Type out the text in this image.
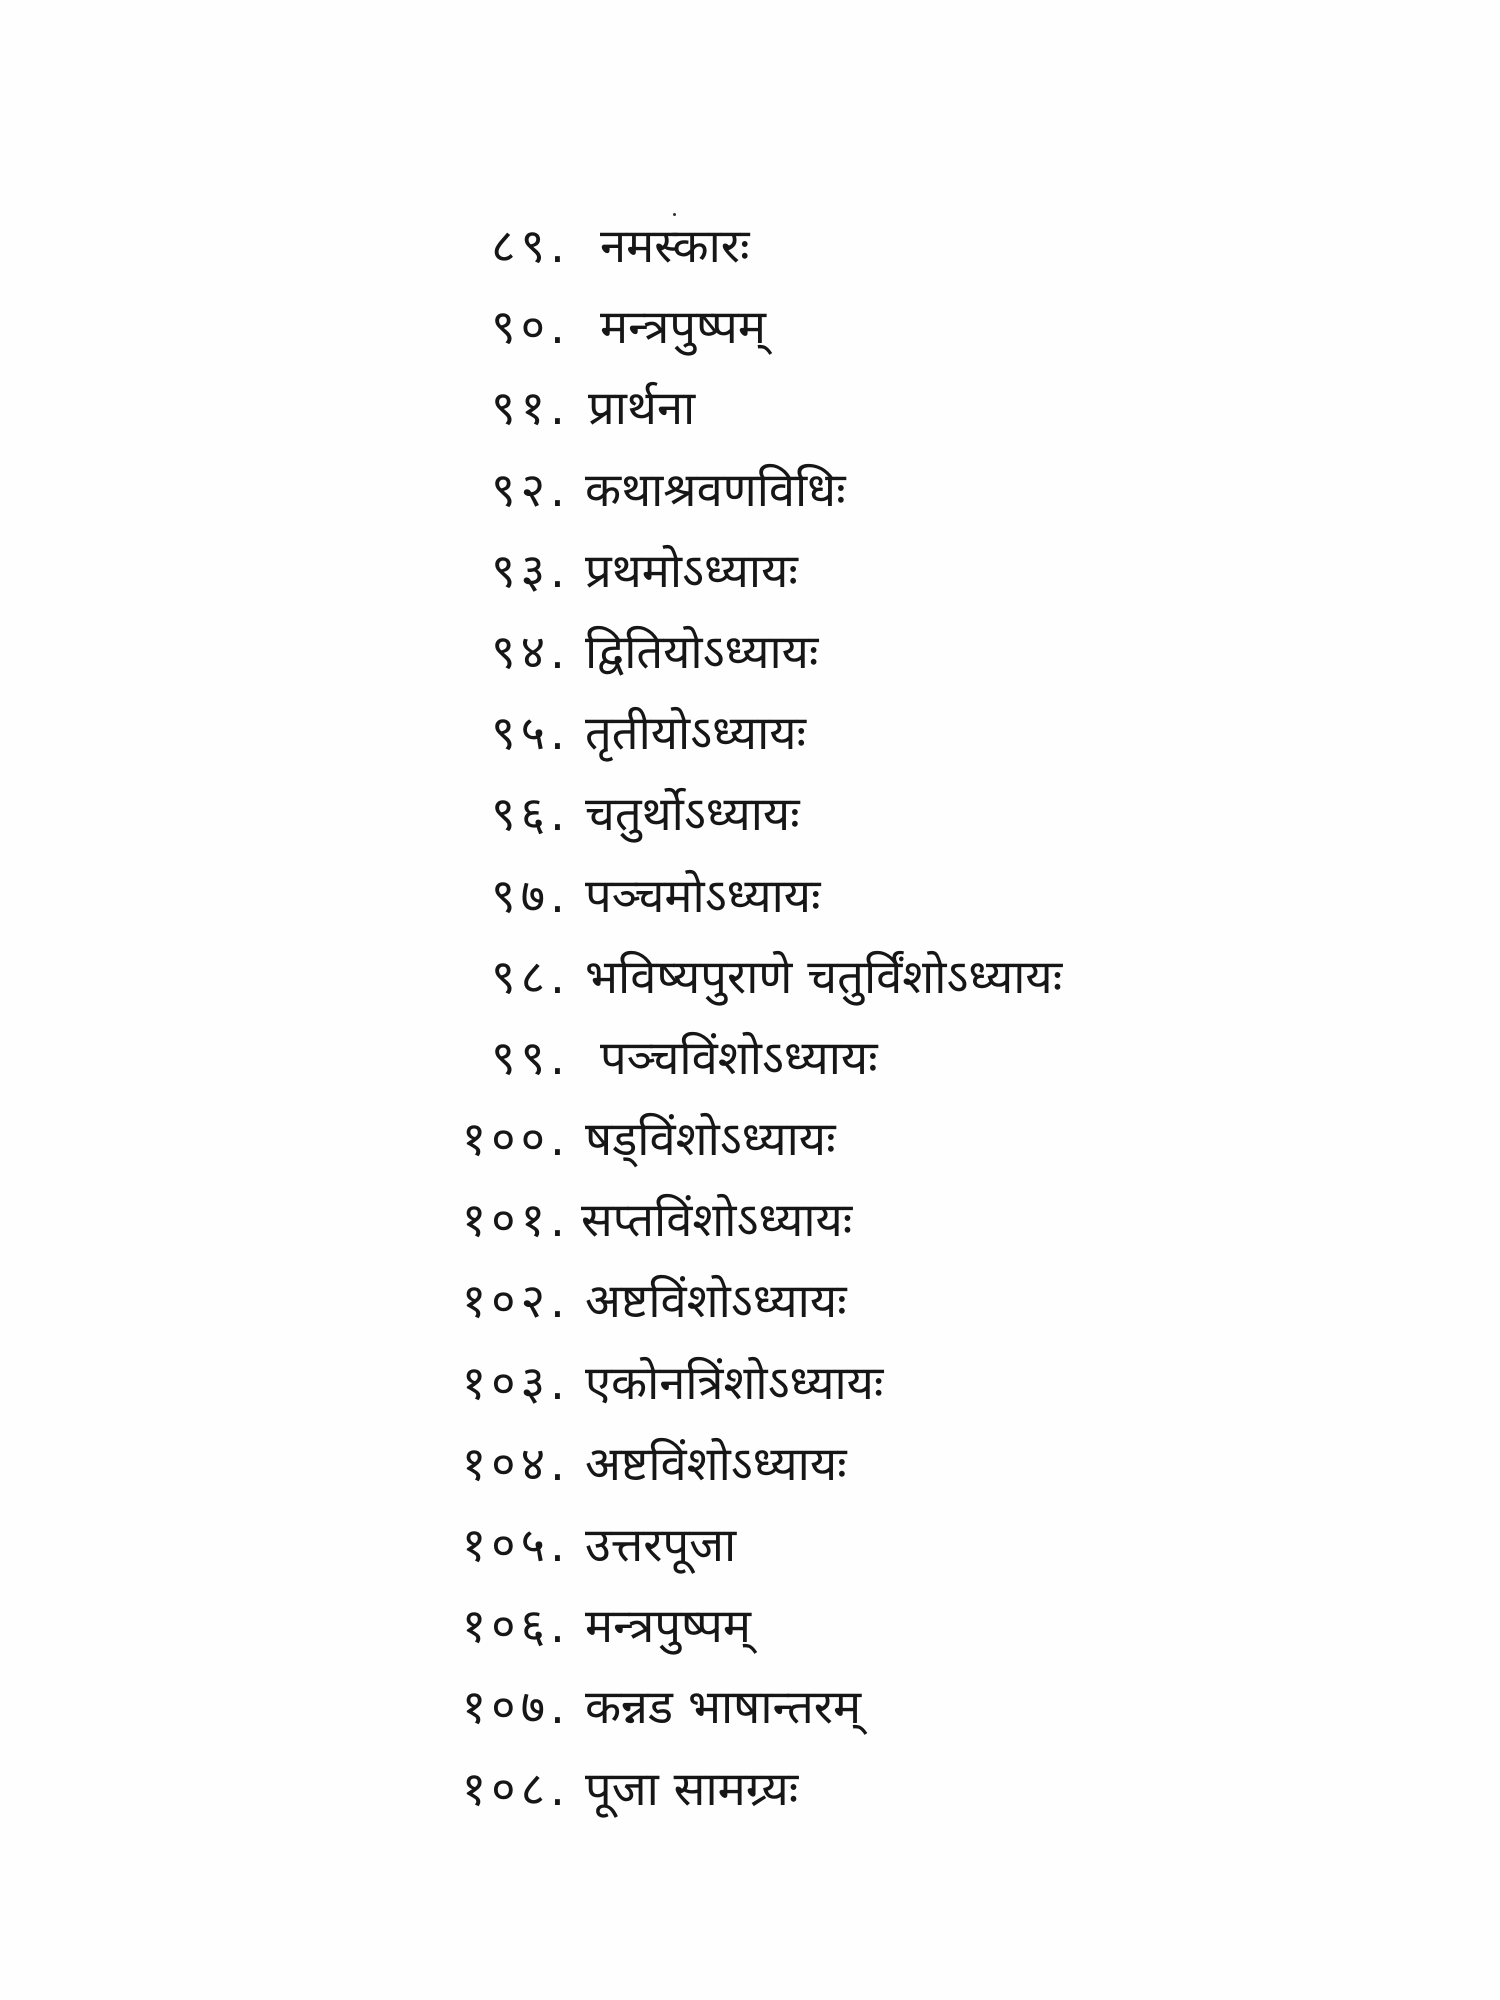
८९. नमस्कारः
९०. मन्त्रपुष्पम्
९१. प्रार्थना
९२. कथाश्रवणविधिः
९३. प्रथमोऽध्यायः
९४. द्वितियोऽध्यायः
९५. तृतीयोऽध्यायः
९६. चतुर्थोऽध्यायः
९७. पञ्चमोऽध्यायः
९८. भविष्यपुराणे चतुर्विंशोऽध्यायः
९९. पञ्चविंशोऽध्यायः
१००. षड्विंशोऽध्यायः
१०१. सप्तविंशोऽध्यायः
१०२. अष्टविंशोऽध्यायः
१०३. एकोनत्रिंशोऽध्यायः
१०४. अष्टविंशोऽध्यायः
१०५. उत्तरपूजा
१०६. मन्त्रपुष्पम्
१०७. कन्नड भाषान्तरम्
१०८. पूजा सामग्र्यः
